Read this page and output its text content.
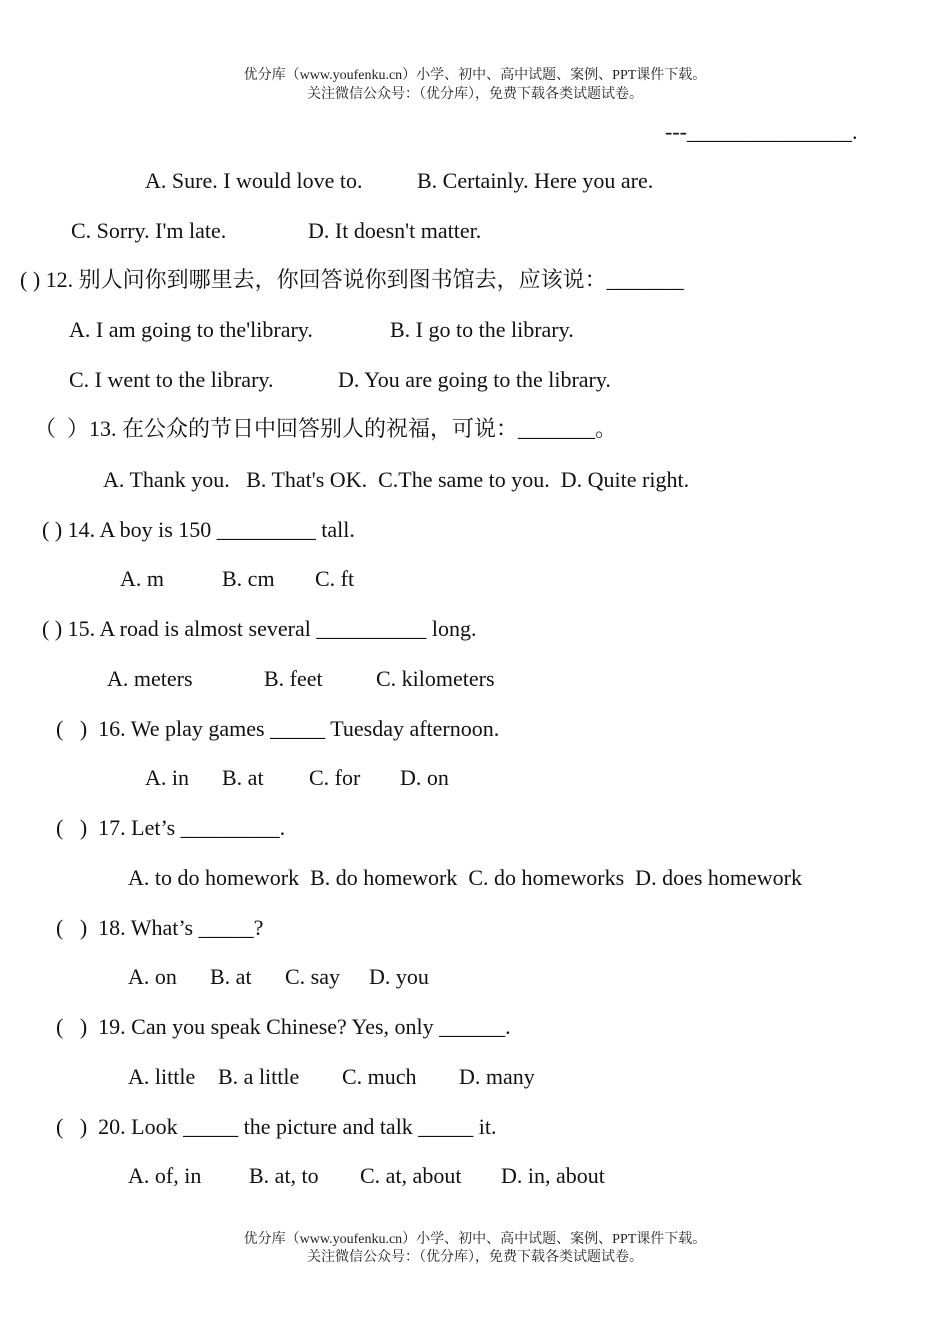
优分库（www.youfenku.cn）小学、初中、高中试题、案例、PPT课件下载。
关注微信公众号：（优分库），免费下载各类试题试卷。
---_______________.
A. Sure. I would love to. B. Certainly. Here you are.
C. Sorry. I'm late.	D. It doesn't matter.
( ) 12. 别人问你到哪里去，你回答说你到图书馆去，应该说：_______
A. I am going to the'library.	B. I go to the library.
C. I went to the library.	D. You are going to the library.
（  ）13. 在公众的节日中回答别人的祝福，可说：_______。
A. Thank you.   B. That's OK.  C.The same to you.  D. Quite right.
( ) 14. A boy is 150 _________ tall.
A. m	B. cm C. ft
( ) 15. A road is almost several __________ long.
A. meters	B. feet C. kilometers
(   )  16. We play games _____ Tuesday afternoon.
A. in B. at C. for D. on
(   )  17. Let’s _________.
A. to do homework  B. do homework  C. do homeworks  D. does homework
(   )  18. What’s _____?
A. on B. at C. say D. you
(   )  19. Can you speak Chinese? Yes, only ______.
A. little B. a little C. much D. many
(   )  20. Look _____ the picture and talk _____ it.
A. of, in B. at, to C. at, about D. in, about
优分库（www.youfenku.cn）小学、初中、高中试题、案例、PPT课件下载。
关注微信公众号：（优分库），免费下载各类试题试卷。
